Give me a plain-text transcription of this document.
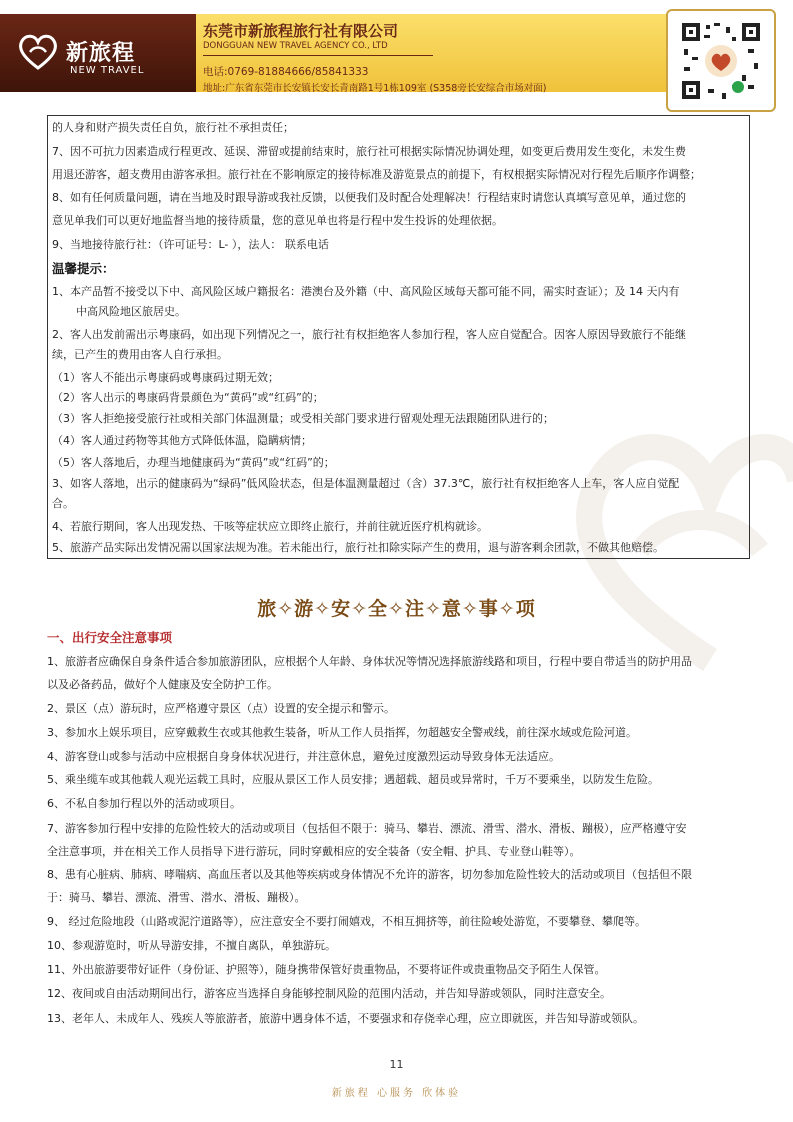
新旅程
NEW TRAVEL
东莞市新旅程旅行社有限公司
DONGGUAN NEW TRAVEL AGENCY CO., LTD
电话:0769-81884666/85841333
地址:广东省东莞市长安镇长安长青南路1号1栋109室 (S358旁长安综合市场对面)
的人身和财产损失责任自负，旅行社不承担责任；
7、因不可抗力因素造成行程更改、延误、滞留或提前结束时，旅行社可根据实际情况协调处理，如变更后费用发生变化，未发生费
用退还游客，超支费用由游客承担。旅行社在不影响原定的接待标准及游览景点的前提下，有权根据实际情况对行程先后顺序作调整；
8、如有任何质量问题，请在当地及时跟导游或我社反馈，以便我们及时配合处理解决！行程结束时请您认真填写意见单，通过您的
意见单我们可以更好地监督当地的接待质量，您的意见单也将是行程中发生投诉的处理依据。
9、当地接待旅行社：（许可证号：L- ），法人： 联系电话
温馨提示：
1、本产品暂不接受以下中、高风险区域户籍报名：港澳台及外籍（中、高风险区域每天都可能不同，需实时查证）；及 14 天内有
中高风险地区旅居史。
2、客人出发前需出示粤康码，如出现下列情况之一，旅行社有权拒绝客人参加行程，客人应自觉配合。因客人原因导致旅行不能继
续，已产生的费用由客人自行承担。
（1）客人不能出示粤康码或粤康码过期无效；
（2）客人出示的粤康码背景颜色为“黄码”或“红码”的；
（3）客人拒绝接受旅行社或相关部门体温测量；或受相关部门要求进行留观处理无法跟随团队进行的；
（4）客人通过药物等其他方式降低体温，隐瞒病情；
（5）客人落地后，办理当地健康码为“黄码”或“红码”的；
3、如客人落地，出示的健康码为“绿码”低风险状态，但是体温测量超过（含）37.3℃，旅行社有权拒绝客人上车，客人应自觉配
合。
4、若旅行期间，客人出现发热、干咳等症状应立即终止旅行，并前往就近医疗机构就诊。
5、旅游产品实际出发情况需以国家法规为准。若未能出行，旅行社扣除实际产生的费用，退与游客剩余团款，不做其他赔偿。
旅✧游✧安✧全✧注✧意✧事✧项
一、出行安全注意事项
1、旅游者应确保自身条件适合参加旅游团队，应根据个人年龄、身体状况等情况选择旅游线路和项目，行程中要自带适当的防护用品
以及必备药品，做好个人健康及安全防护工作。
2、景区（点）游玩时，应严格遵守景区（点）设置的安全提示和警示。
3、参加水上娱乐项目，应穿戴救生衣或其他救生装备，听从工作人员指挥，勿超越安全警戒线，前往深水域或危险河道。
4、游客登山或参与活动中应根据自身身体状况进行，并注意休息，避免过度激烈运动导致身体无法适应。
5、乘坐缆车或其他载人观光运载工具时，应服从景区工作人员安排；遇超载、超员或异常时，千万不要乘坐，以防发生危险。
6、不私自参加行程以外的活动或项目。
7、游客参加行程中安排的危险性较大的活动或项目（包括但不限于：骑马、攀岩、漂流、滑雪、潜水、滑板、蹦极），应严格遵守安
全注意事项，并在相关工作人员指导下进行游玩，同时穿戴相应的安全装备（安全帽、护具、专业登山鞋等）。
8、患有心脏病、肺病、哮喘病、高血压者以及其他等疾病或身体情况不允许的游客，切勿参加危险性较大的活动或项目（包括但不限
于：骑马、攀岩、漂流、滑雪、潜水、滑板、蹦极）。
9、 经过危险地段（山路或泥泞道路等），应注意安全不要打闹嬉戏，不相互拥挤等，前往险峻处游览，不要攀登、攀爬等。
10、参观游览时，听从导游安排，不擅自离队，单独游玩。
11、外出旅游要带好证件（身份证、护照等），随身携带保管好贵重物品，不要将证件或贵重物品交予陌生人保管。
12、夜间或自由活动期间出行，游客应当选择自身能够控制风险的范围内活动，并告知导游或领队，同时注意安全。
13、老年人、未成年人、残疾人等旅游者，旅游中遇身体不适，不要强求和存侥幸心理，应立即就医，并告知导游或领队。
11
新旅程 心服务 欣体验
